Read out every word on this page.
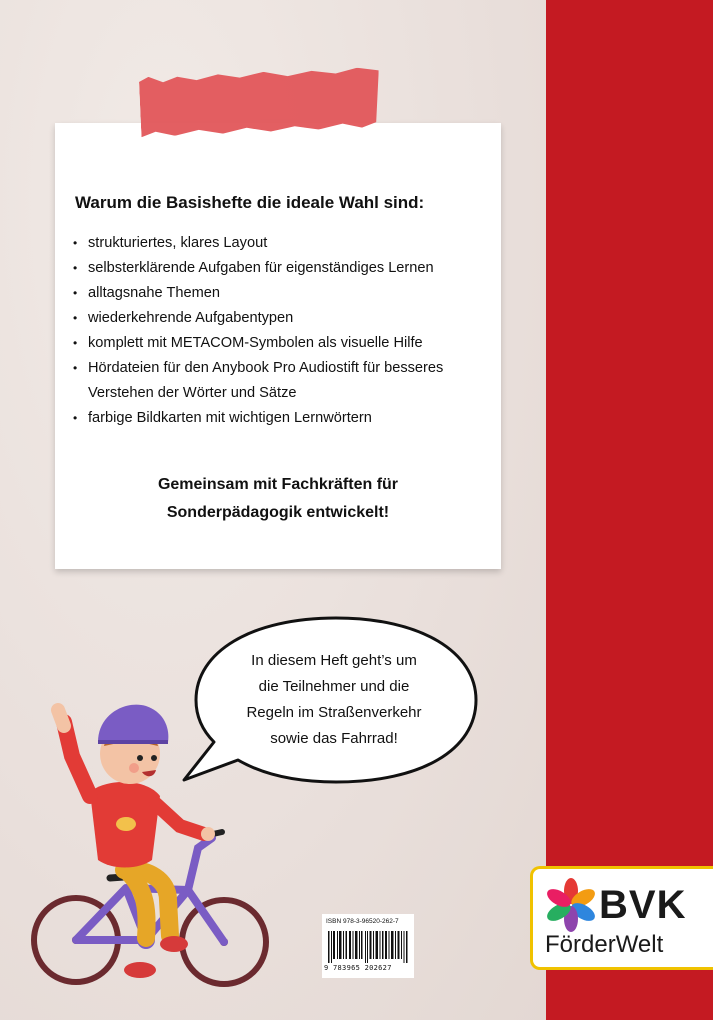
Warum die Basishefte die ideale Wahl sind:
• strukturiertes, klares Layout
• selbsterklärende Aufgaben für eigenständiges Lernen
• alltagsnahe Themen
• wiederkehrende Aufgabentypen
• komplett mit METACOM-Symbolen als visuelle Hilfe
• Hördateien für den Anybook Pro Audiostift für besseres Verstehen der Wörter und Sätze
• farbige Bildkarten mit wichtigen Lernwörtern
Gemeinsam mit Fachkräften für
Sonderpädagogik entwickelt!
In diesem Heft geht’s um
die Teilnehmer und die
Regeln im Straßenverkehr
sowie das Fahrrad!
ISBN 978-3-96520-262-7
9 783965 202627
BVK
FörderWelt
